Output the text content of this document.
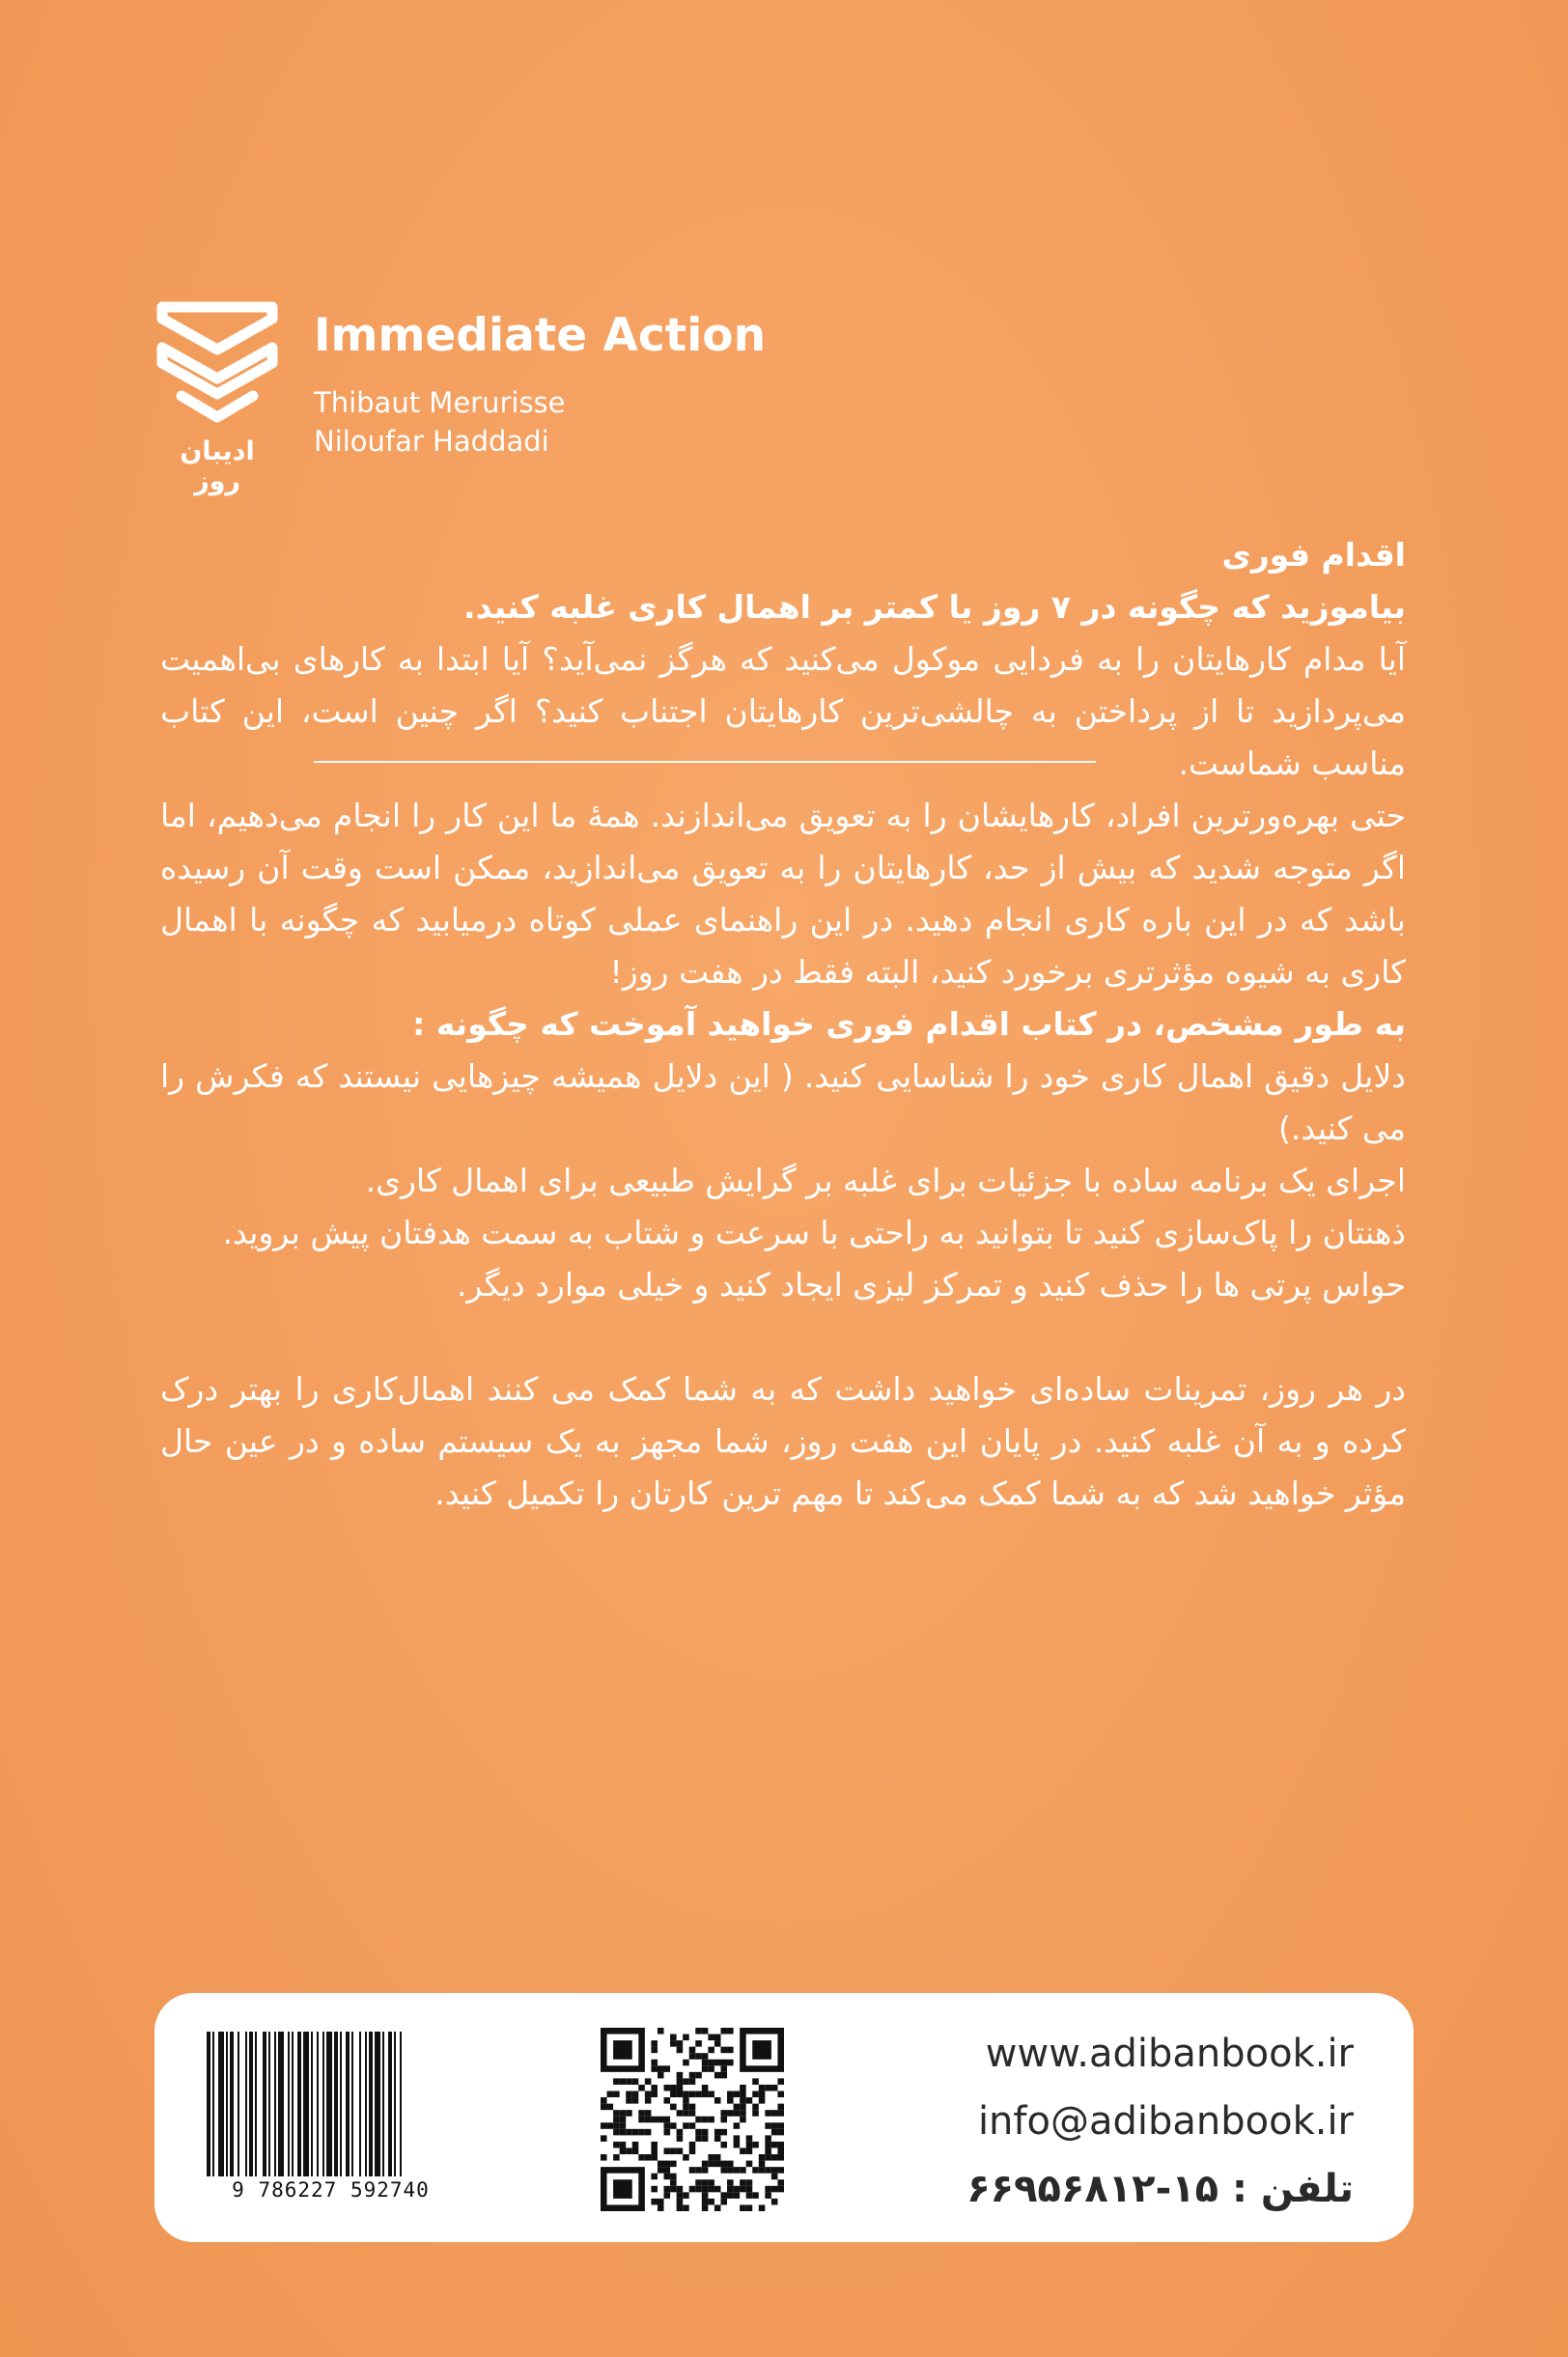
ادیبان روز
Immediate Action
Thibaut Merurisse
Niloufar Haddadi

اقدام فوری

بیاموزید که چگونه در ۷ روز یا کمتر بر اهمال کاری غلبه کنید.

آیا مدام کارهایتان را به فردایی موکول می‌کنید که هرگز نمی‌آید؟ آیا ابتدا به کارهای بی‌اهمیت می‌پردازید تا از پرداختن به چالشی‌ترین کارهایتان اجتناب کنید؟ اگر چنین است، این کتاب مناسب شماست.

حتی بهره‌ورترین افراد، کارهایشان را به تعویق می‌اندازند. همهٔ ما این کار را انجام می‌دهیم، اما اگر متوجه شدید که بیش از حد، کارهایتان را به تعویق می‌اندازید، ممکن است وقت آن رسیده باشد که در این باره کاری انجام دهید. در این راهنمای عملی کوتاه درمیابید که چگونه با اهمال کاری به شیوه مؤثرتری برخورد کنید، البته فقط در هفت روز!

به طور مشخص، در کتاب اقدام فوری خواهید آموخت که چگونه :

دلایل دقیق اهمال کاری خود را شناسایی کنید. ( این دلایل همیشه چیزهایی نیستند که فکرش را می کنید.)

اجرای یک برنامه ساده با جزئیات برای غلبه بر گرایش طبیعی برای اهمال کاری.

ذهنتان را پاک‌سازی کنید تا بتوانید به راحتی با سرعت و شتاب به سمت هدفتان پیش بروید.

حواس پرتی ها را حذف کنید و تمرکز لیزی ایجاد کنید و خیلی موارد دیگر.

در هر روز، تمرینات ساده‌ای خواهید داشت که به شما کمک می کنند اهمال‌کاری را بهتر درک کرده و به آن غلبه کنید. در پایان این هفت روز، شما مجهز به یک سیستم ساده و در عین حال مؤثر خواهید شد که به شما کمک می‌کند تا مهم ترین کارتان را تکمیل کنید.

9 786227 592740
www.adibanbook.ir
info@adibanbook.ir
تلفن : ۱۵-۶۶۹۵۶۸۱۲
